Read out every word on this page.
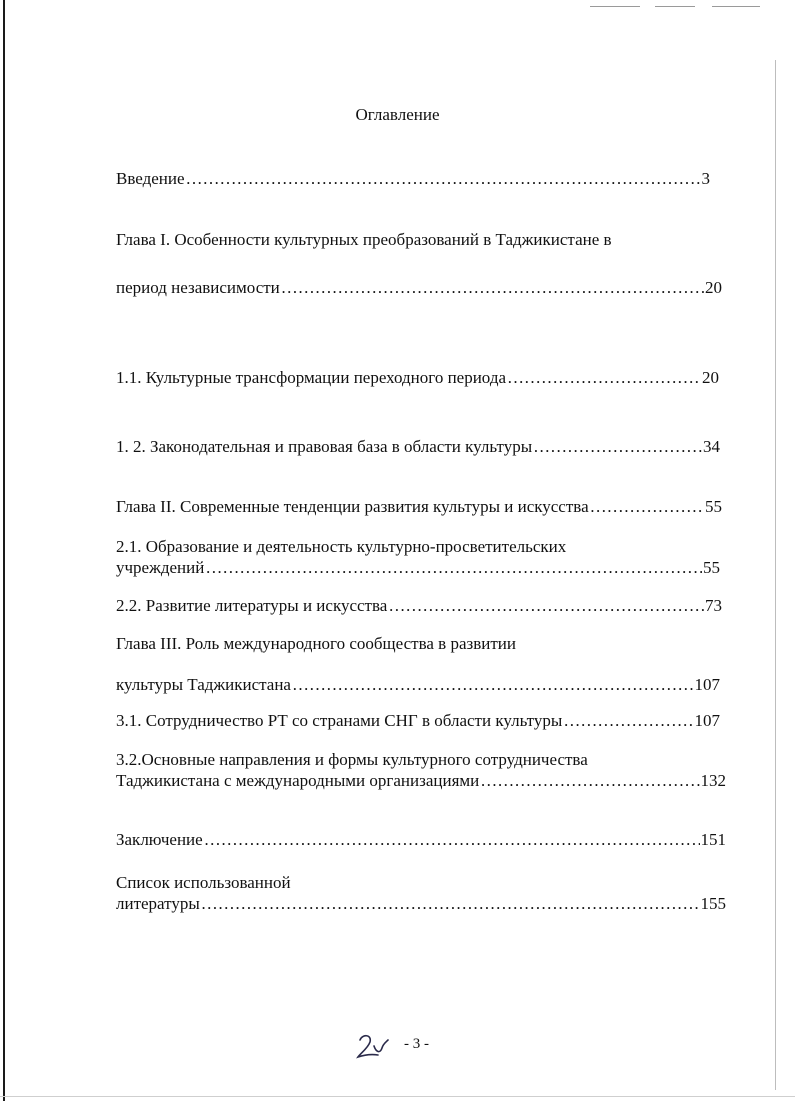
Оглавление
Введение …………………………………………………………………………………………………………………………………………………………………	3
Глава I. Особенности культурных преобразований в Таджикистане в
период независимости …………………………………………………………………………………………………………………………………………………………………	20
1.1. Культурные трансформации переходного периода …………………………………………………………………………………………………………………………………………………………………	20
1. 2. Законодательная и правовая база в области культуры …………………………………………………………………………………………………………………………………………………………………	34
Глава II. Современные тенденции развития культуры и искусства …………………………………………………………………………………………………………………………………………………………………	55
2.1. Образование и деятельность культурно-просветительских
учреждений …………………………………………………………………………………………………………………………………………………………………	55
2.2. Развитие литературы и искусства …………………………………………………………………………………………………………………………………………………………………	73
Глава III. Роль международного сообщества в развитии
культуры Таджикистана …………………………………………………………………………………………………………………………………………………………………	107
3.1. Сотрудничество РТ со странами СНГ в области культуры …………………………………………………………………………………………………………………………………………………………………	107
3.2.Основные направления и формы культурного сотрудничества
Таджикистана с международными организациями …………………………………………………………………………………………………………………………………………………………………	132
Заключение …………………………………………………………………………………………………………………………………………………………………	151
Список использованной
литературы …………………………………………………………………………………………………………………………………………………………………	155
- 3 -
